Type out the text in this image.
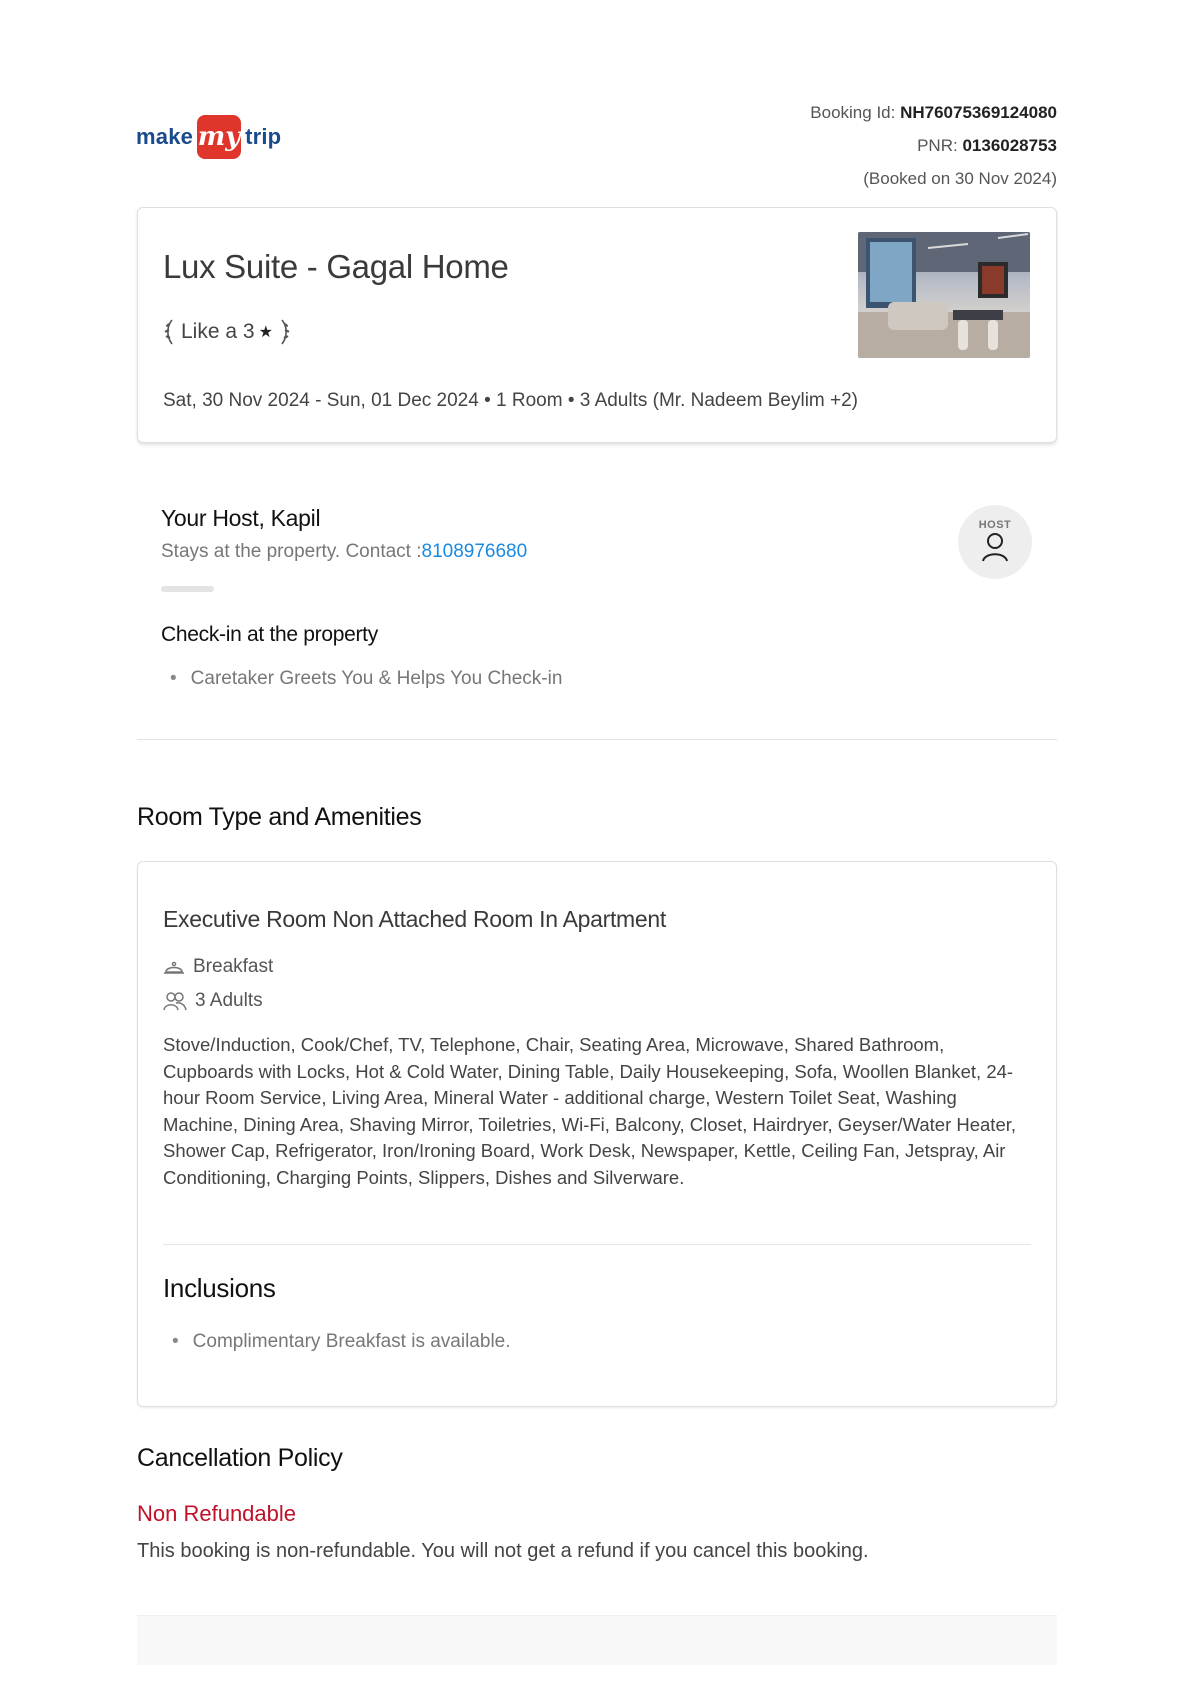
make my trip
Booking Id: NH76075369124080
PNR: 0136028753
(Booked on 30 Nov 2024)
Lux Suite - Gagal Home
Like a 3 ★
Sat, 30 Nov 2024 - Sun, 01 Dec 2024 • 1 Room • 3 Adults (Mr. Nadeem Beylim +2)
Your Host, Kapil
Stays at the property. Contact :8108976680
HOST
Check-in at the property
• Caretaker Greets You & Helps You Check-in
Room Type and Amenities
Executive Room Non Attached Room In Apartment
Breakfast
3 Adults
Stove/Induction, Cook/Chef, TV, Telephone, Chair, Seating Area, Microwave, Shared Bathroom, Cupboards with Locks, Hot & Cold Water, Dining Table, Daily Housekeeping, Sofa, Woollen Blanket, 24-hour Room Service, Living Area, Mineral Water - additional charge, Western Toilet Seat, Washing Machine, Dining Area, Shaving Mirror, Toiletries, Wi-Fi, Balcony, Closet, Hairdryer, Geyser/Water Heater, Shower Cap, Refrigerator, Iron/Ironing Board, Work Desk, Newspaper, Kettle, Ceiling Fan, Jetspray, Air Conditioning, Charging Points, Slippers, Dishes and Silverware.
Inclusions
• Complimentary Breakfast is available.
Cancellation Policy
Non Refundable
This booking is non-refundable. You will not get a refund if you cancel this booking.
